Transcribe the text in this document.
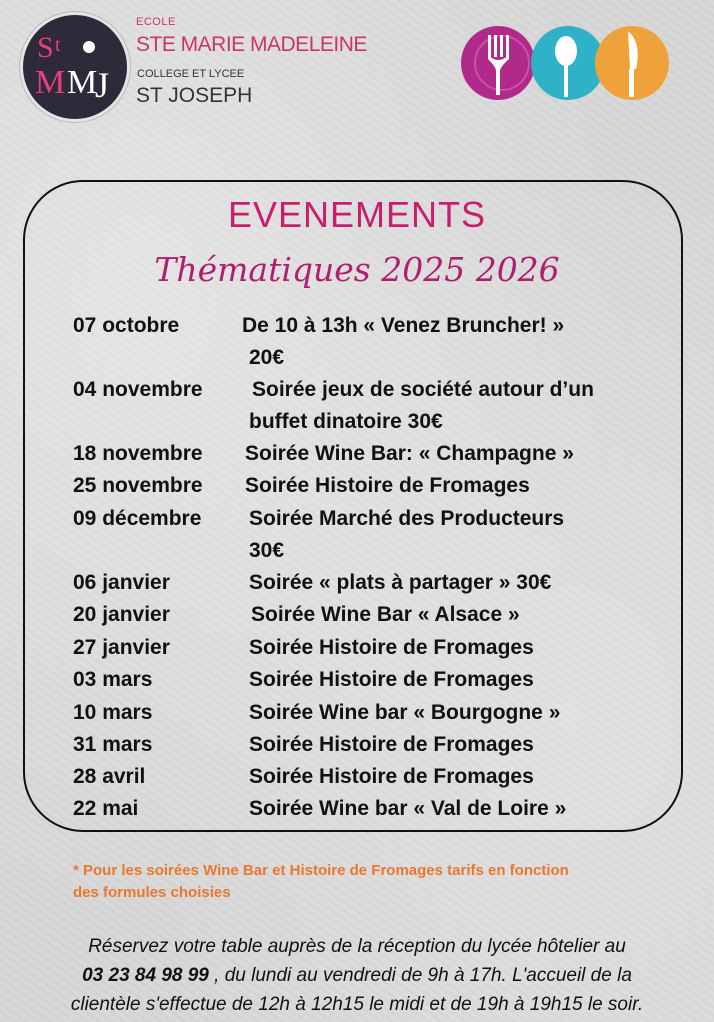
S t
M M
J
ECOLE
STE MARIE MADELEINE
COLLEGE ET LYCEE
ST JOSEPH
EVENEMENTS
Thématiques 2025 2026
07 octobre	De 10 à 13h « Venez Bruncher! »
20€
04 novembre Soirée jeux de société autour d’un
buffet dinatoire 30€
18 novembre Soirée Wine Bar: « Champagne »
25 novembre Soirée Histoire de Fromages
09 décembre Soirée Marché des Producteurs
30€
06 janvier	Soirée « plats à partager » 30€
20 janvier	Soirée Wine Bar « Alsace »
27 janvier	Soirée Histoire de Fromages
03 mars	Soirée Histoire de Fromages
10 mars	Soirée Wine bar « Bourgogne »
31 mars	Soirée Histoire de Fromages
28 avril	Soirée Histoire de Fromages
22 mai	Soirée Wine bar « Val de Loire »
* Pour les soirées Wine Bar et Histoire de Fromages tarifs en fonction
des formules choisies
Réservez votre table auprès de la réception du lycée hôtelier au
03 23 84 98 99 , du lundi au vendredi de 9h à 17h. L'accueil de la
clientèle s'effectue de 12h à 12h15 le midi et de 19h à 19h15 le soir.
